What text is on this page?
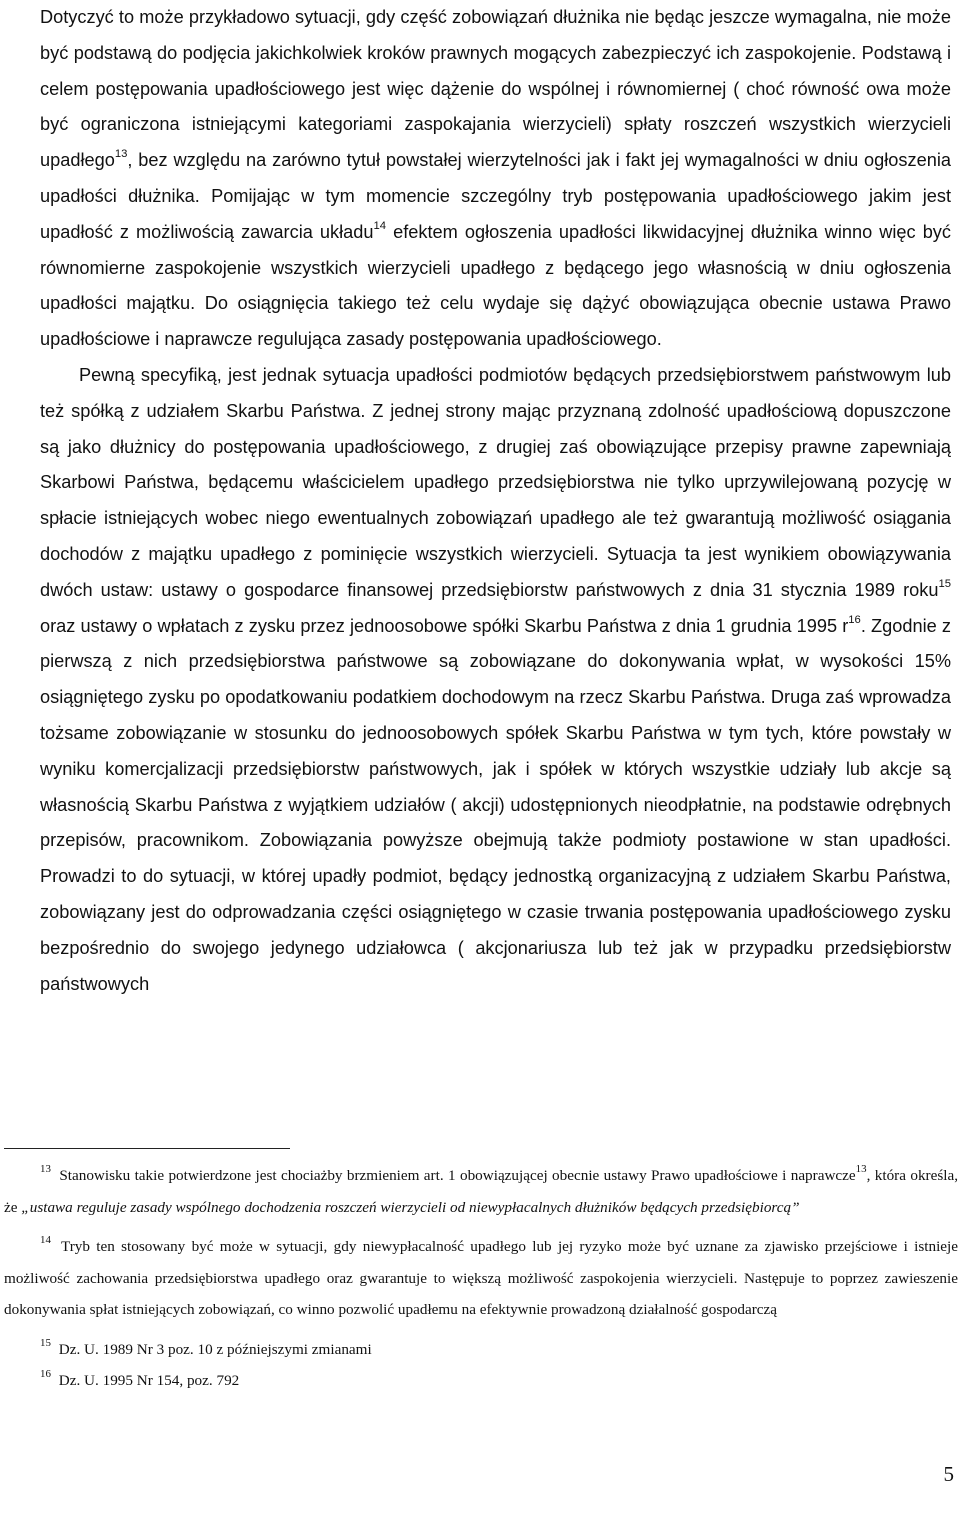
Dotyczyć to może przykładowo sytuacji, gdy część zobowiązań dłużnika nie będąc jeszcze wymagalna, nie może być podstawą do podjęcia jakichkolwiek kroków prawnych mogących zabezpieczyć ich zaspokojenie. Podstawą i celem postępowania upadłościowego jest więc dążenie do wspólnej i równomiernej ( choć równość owa może być ograniczona istniejącymi kategoriami zaspokajania wierzycieli) spłaty roszczeń wszystkich wierzycieli upadłego$^{13}$, bez względu na zarówno tytuł powstałej wierzytelności jak i fakt jej wymagalności w dniu ogłoszenia upadłości dłużnika. Pomijając w tym momencie szczególny tryb postępowania upadłościowego jakim jest upadłość z możliwością zawarcia układu$^{14}$ efektem ogłoszenia upadłości likwidacyjnej dłużnika winno więc być równomierne zaspokojenie wszystkich wierzycieli upadłego z będącego jego własnością w dniu ogłoszenia upadłości majątku. Do osiągnięcia takiego też celu wydaje się dążyć obowiązująca obecnie ustawa Prawo upadłościowe i naprawcze regulująca zasady postępowania upadłościowego.

Pewną specyfiką, jest jednak sytuacja upadłości podmiotów będących przedsiębiorstwem państwowym lub też spółką z udziałem Skarbu Państwa. Z jednej strony mając przyznaną zdolność upadłościową dopuszczone są jako dłużnicy do postępowania upadłościowego, z drugiej zaś obowiązujące przepisy prawne zapewniają Skarbowi Państwa, będącemu właścicielem upadłego przedsiębiorstwa nie tylko uprzywilejowaną pozycję w spłacie istniejących wobec niego ewentualnych zobowiązań upadłego ale też gwarantują możliwość osiągania dochodów z majątku upadłego z pominięcie wszystkich wierzycieli. Sytuacja ta jest wynikiem obowiązywania dwóch ustaw: ustawy o gospodarce finansowej przedsiębiorstw państwowych z dnia 31 stycznia 1989 roku$^{15}$ oraz ustawy o wpłatach z zysku przez jednoosobowe spółki Skarbu Państwa z dnia 1 grudnia 1995 $r^{16}$. Zgodnie z pierwszą z nich przedsiębiorstwa państwowe są zobowiązane do dokonywania wpłat, w wysokości 15% osiągniętego zysku po opodatkowaniu podatkiem dochodowym na rzecz Skarbu Państwa. Druga zaś wprowadza tożsame zobowiązanie w stosunku do jednoosobowych spółek Skarbu Państwa w tym tych, które powstały w wyniku komercjalizacji przedsiębiorstw państwowych, jak i spółek w których wszystkie udziały lub akcje są własnością Skarbu Państwa z wyjątkiem udziałów ( akcji) udostępnionych nieodpłatnie, na podstawie odrębnych przepisów, pracownikom. Zobowiązania powyższe obejmują także podmioty postawione w stan upadłości. Prowadzi to do sytuacji, w której upadły podmiot, będący jednostką organizacyjną z udziałem Skarbu Państwa, zobowiązany jest do odprowadzania części osiągniętego w czasie trwania postępowania upadłościowego zysku bezpośrednio do swojego jedynego udziałowca ( akcjonariusza lub też jak w przypadku przedsiębiorstw państwowych

$^{13}$ Stanowisku takie potwierdzone jest chociażby brzmieniem art. 1 obowiązującej obecnie ustawy Prawo upadłościowe i naprawcze$^{13}$, która określa, że „ustawa reguluje zasady wspólnego dochodzenia roszczeń wierzycieli od niewypłacalnych dłużników będących przedsiębiorcą”

$^{14}$ Tryb ten stosowany być może w sytuacji, gdy niewypłacalność upadłego lub jej ryzyko może być uznane za zjawisko przejściowe i istnieje możliwość zachowania przedsiębiorstwa upadłego oraz gwarantuje to większą możliwość zaspokojenia wierzycieli. Następuje to poprzez zawieszenie dokonywania spłat istniejących zobowiązań, co winno pozwolić upadłemu na efektywnie prowadzoną działalność gospodarczą

$^{15}$ Dz. U. 1989 Nr 3 poz. 10 z późniejszymi zmianami

$^{16}$ Dz. U. 1995 Nr 154, poz. 792

5
